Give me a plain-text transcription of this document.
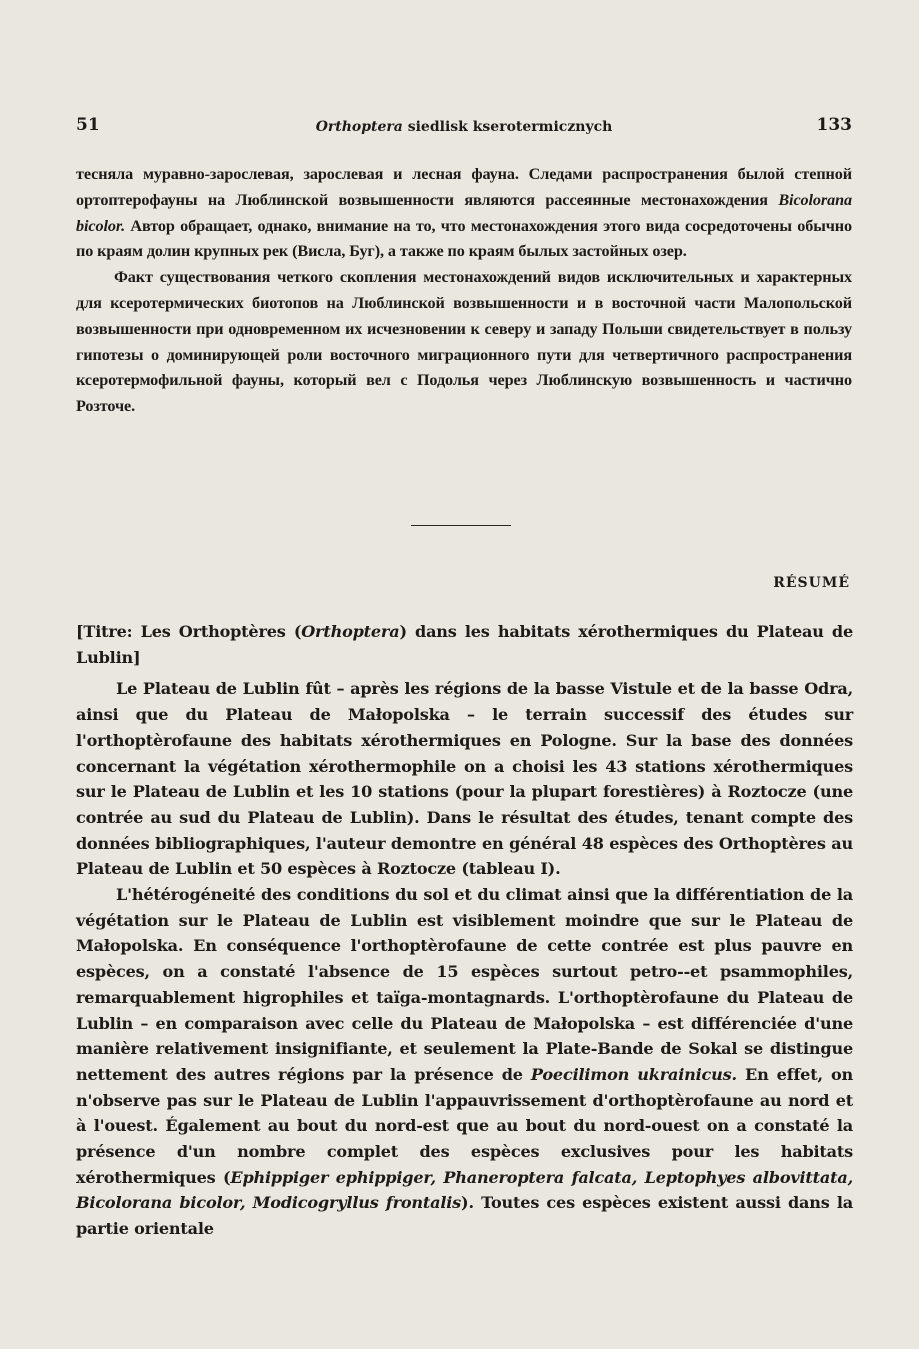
51	Orthoptera siedlisk kserotermicznych	133

тесняла муравно-зарослевая, зарослевая и лесная фауна. Следами распространения былой степной ортоптерофауны на Люблинской возвышенности являются рассеянные местонахождения Bicolorana bicolor. Автор обращает, однако, внимание на то, что местонахождения этого вида сосредоточены обычно по краям долин крупных рек (Висла, Буг), а также по краям былых застойных озер.

Факт существования четкого скопления местонахождений видов исключительных и характерных для ксеротермических биотопов на Люблинской возвышенности и в восточной части Малопольской возвышенности при одновременном их исчезновении к северу и западу Польши свидетельствует в пользу гипотезы о доминирующей роли восточного миграционного пути для четвертичного распространения ксеротермофильной фауны, который вел с Подолья через Люблинскую возвышенность и частично Розточе.

RÉSUMÉ

[Titre: Les Orthoptères (Orthoptera) dans les habitats xérothermiques du Plateau de Lublin]

Le Plateau de Lublin fût – après les régions de la basse Vistule et de la basse Odra, ainsi que du Plateau de Małopolska – le terrain successif des études sur l'orthoptèrofaune des habitats xérothermiques en Pologne. Sur la base des données concernant la végétation xérothermophile on a choisi les 43 stations xérothermiques sur le Plateau de Lublin et les 10 stations (pour la plupart forestières) à Roztocze (une contrée au sud du Plateau de Lublin). Dans le résultat des études, tenant compte des données bibliographiques, l'auteur demontre en général 48 espèces des Orthoptères au Plateau de Lublin et 50 espèces à Roztocze (tableau I).

L'hétérogéneité des conditions du sol et du climat ainsi que la différentiation de la végétation sur le Plateau de Lublin est visiblement moindre que sur le Plateau de Małopolska. En conséquence l'orthoptèrofaune de cette contrée est plus pauvre en espèces, on a constaté l'absence de 15 espèces surtout petro--et psammophiles, remarquablement higrophiles et taïga-montagnards. L'orthoptèrofaune du Plateau de Lublin – en comparaison avec celle du Plateau de Małopolska – est différenciée d'une manière relativement insignifiante, et seulement la Plate-Bande de Sokal se distingue nettement des autres régions par la présence de Poecilimon ukrainicus. En effet, on n'observe pas sur le Plateau de Lublin l'appauvrissement d'orthoptèrofaune au nord et à l'ouest. Également au bout du nord-est que au bout du nord-ouest on a constaté la présence d'un nombre complet des espèces exclusives pour les habitats xérothermiques (Ephippiger ephippiger, Phaneroptera falcata, Leptophyes albovittata, Bicolorana bicolor, Modicogryllus frontalis). Toutes ces espèces existent aussi dans la partie orientale
